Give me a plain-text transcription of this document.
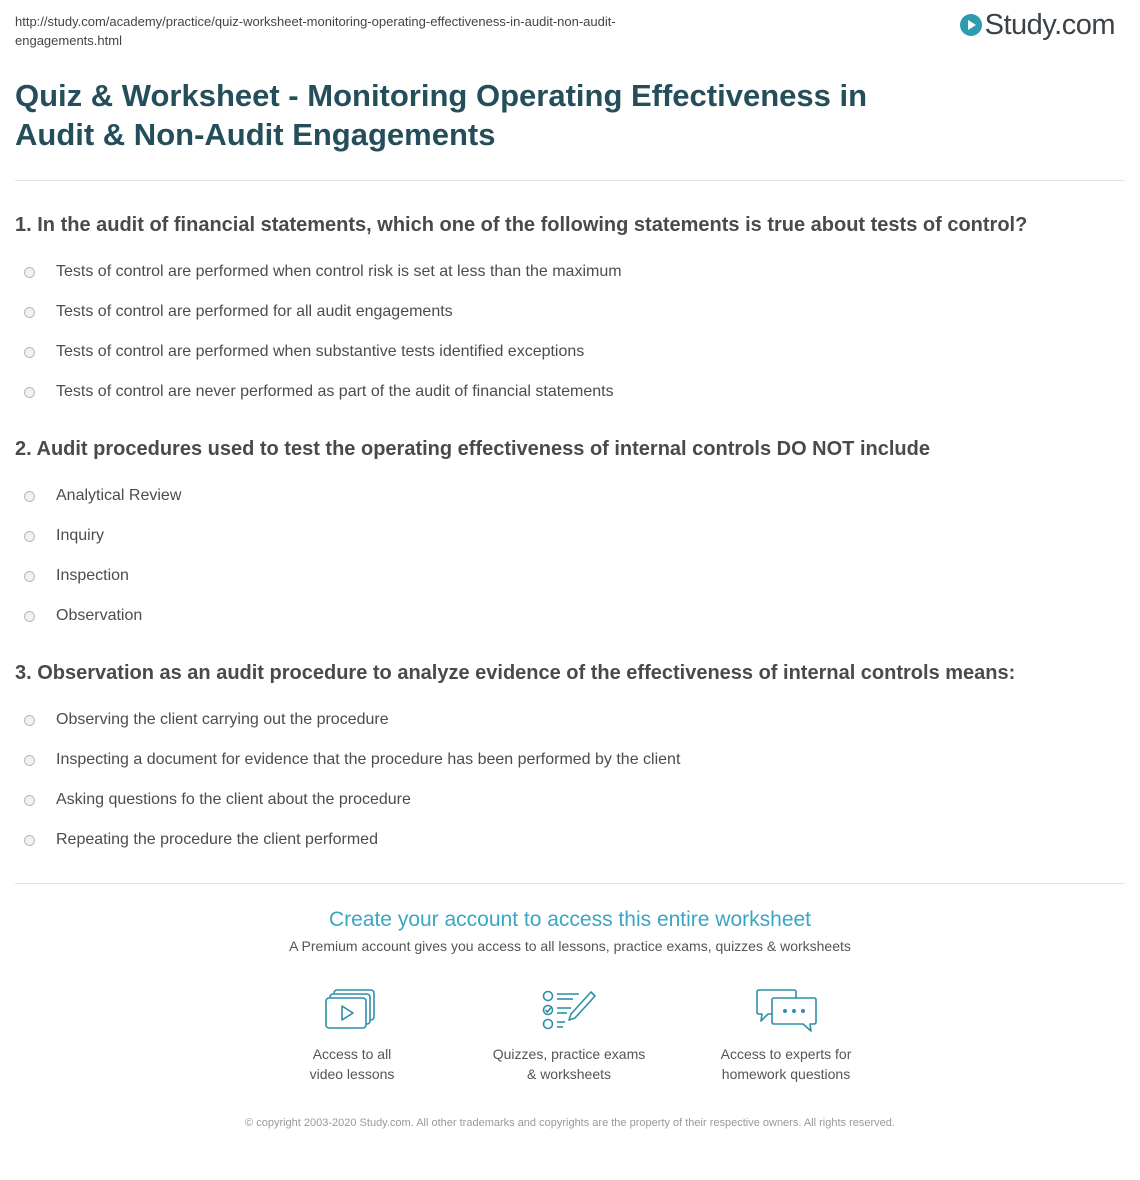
http://study.com/academy/practice/quiz-worksheet-monitoring-operating-effectiveness-in-audit-non-audit-engagements.html	Study.com
Quiz & Worksheet - Monitoring Operating Effectiveness in Audit & Non-Audit Engagements

1. In the audit of financial statements, which one of the following statements is true about tests of control?

Tests of control are performed when control risk is set at less than the maximum
Tests of control are performed for all audit engagements
Tests of control are performed when substantive tests identified exceptions
Tests of control are never performed as part of the audit of financial statements

2. Audit procedures used to test the operating effectiveness of internal controls DO NOT include

Analytical Review
Inquiry
Inspection
Observation

3. Observation as an audit procedure to analyze evidence of the effectiveness of internal controls means:

Observing the client carrying out the procedure
Inspecting a document for evidence that the procedure has been performed by the client
Asking questions fo the client about the procedure
Repeating the procedure the client performed
Create your account to access this entire worksheet

A Premium account gives you access to all lessons, practice exams, quizzes & worksheets

Access to all
video lessons
Quizzes, practice exams
& worksheets
Access to experts for
homework questions
© copyright 2003-2020 Study.com. All other trademarks and copyrights are the property of their respective owners. All rights reserved.
